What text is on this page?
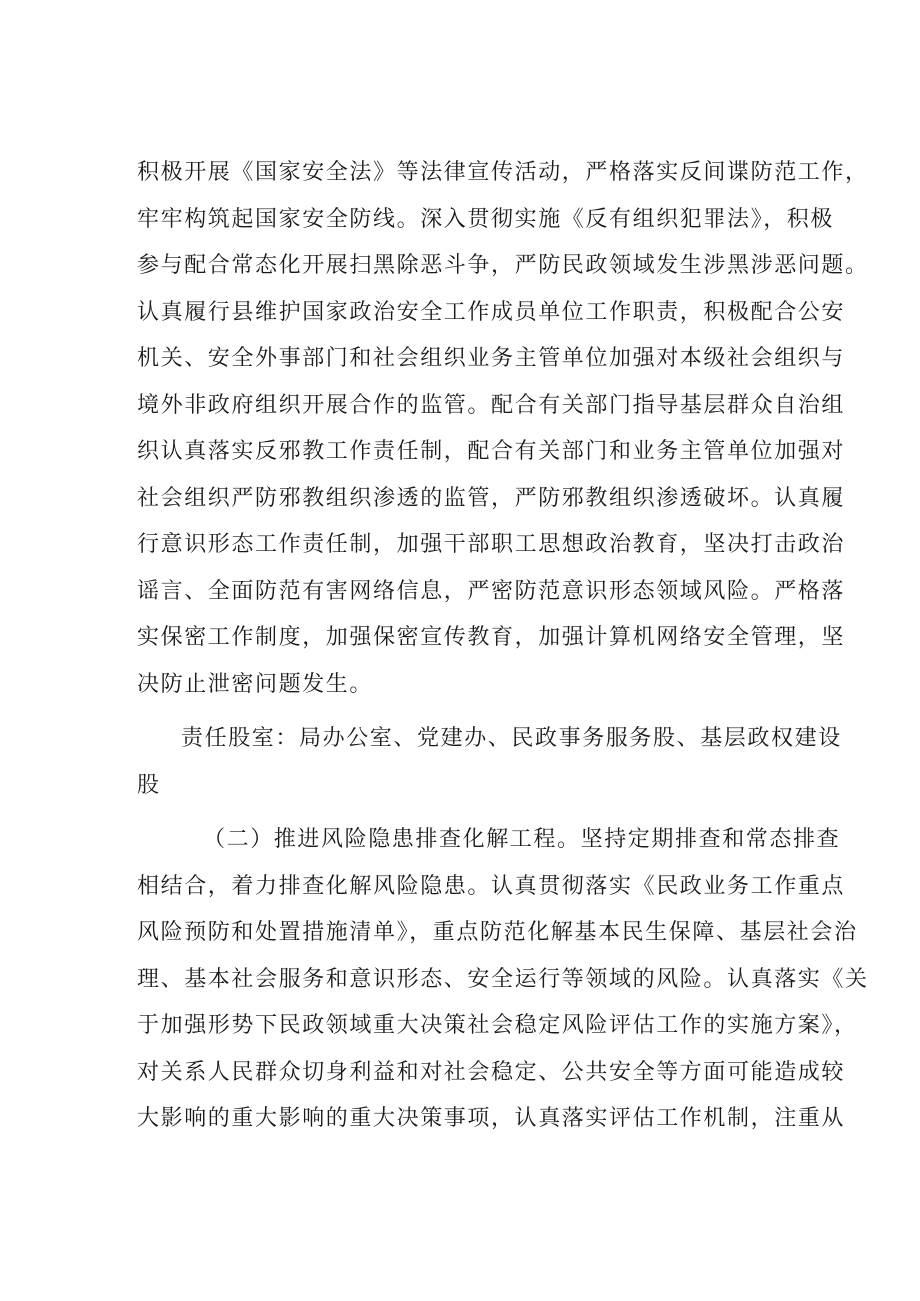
积极开展《国家安全法》等法律宣传活动，严格落实反间谍防范工作，
牢牢构筑起国家安全防线。深入贯彻实施《反有组织犯罪法》，积极
参与配合常态化开展扫黑除恶斗争，严防民政领域发生涉黑涉恶问题。
认真履行县维护国家政治安全工作成员单位工作职责，积极配合公安
机关、安全外事部门和社会组织业务主管单位加强对本级社会组织与
境外非政府组织开展合作的监管。配合有关部门指导基层群众自治组
织认真落实反邪教工作责任制，配合有关部门和业务主管单位加强对
社会组织严防邪教组织渗透的监管，严防邪教组织渗透破坏。认真履
行意识形态工作责任制，加强干部职工思想政治教育，坚决打击政治
谣言、全面防范有害网络信息，严密防范意识形态领域风险。严格落
实保密工作制度，加强保密宣传教育，加强计算机网络安全管理，坚
决防止泄密问题发生。
责任股室：局办公室、党建办、民政事务服务股、基层政权建设
股
（二）推进风险隐患排查化解工程。坚持定期排查和常态排查
相结合，着力排查化解风险隐患。认真贯彻落实《民政业务工作重点
风险预防和处置措施清单》，重点防范化解基本民生保障、基层社会治
理、基本社会服务和意识形态、安全运行等领域的风险。认真落实《关
于加强形势下民政领域重大决策社会稳定风险评估工作的实施方案》，
对关系人民群众切身利益和对社会稳定、公共安全等方面可能造成较
大影响的重大影响的重大决策事项，认真落实评估工作机制，注重从
